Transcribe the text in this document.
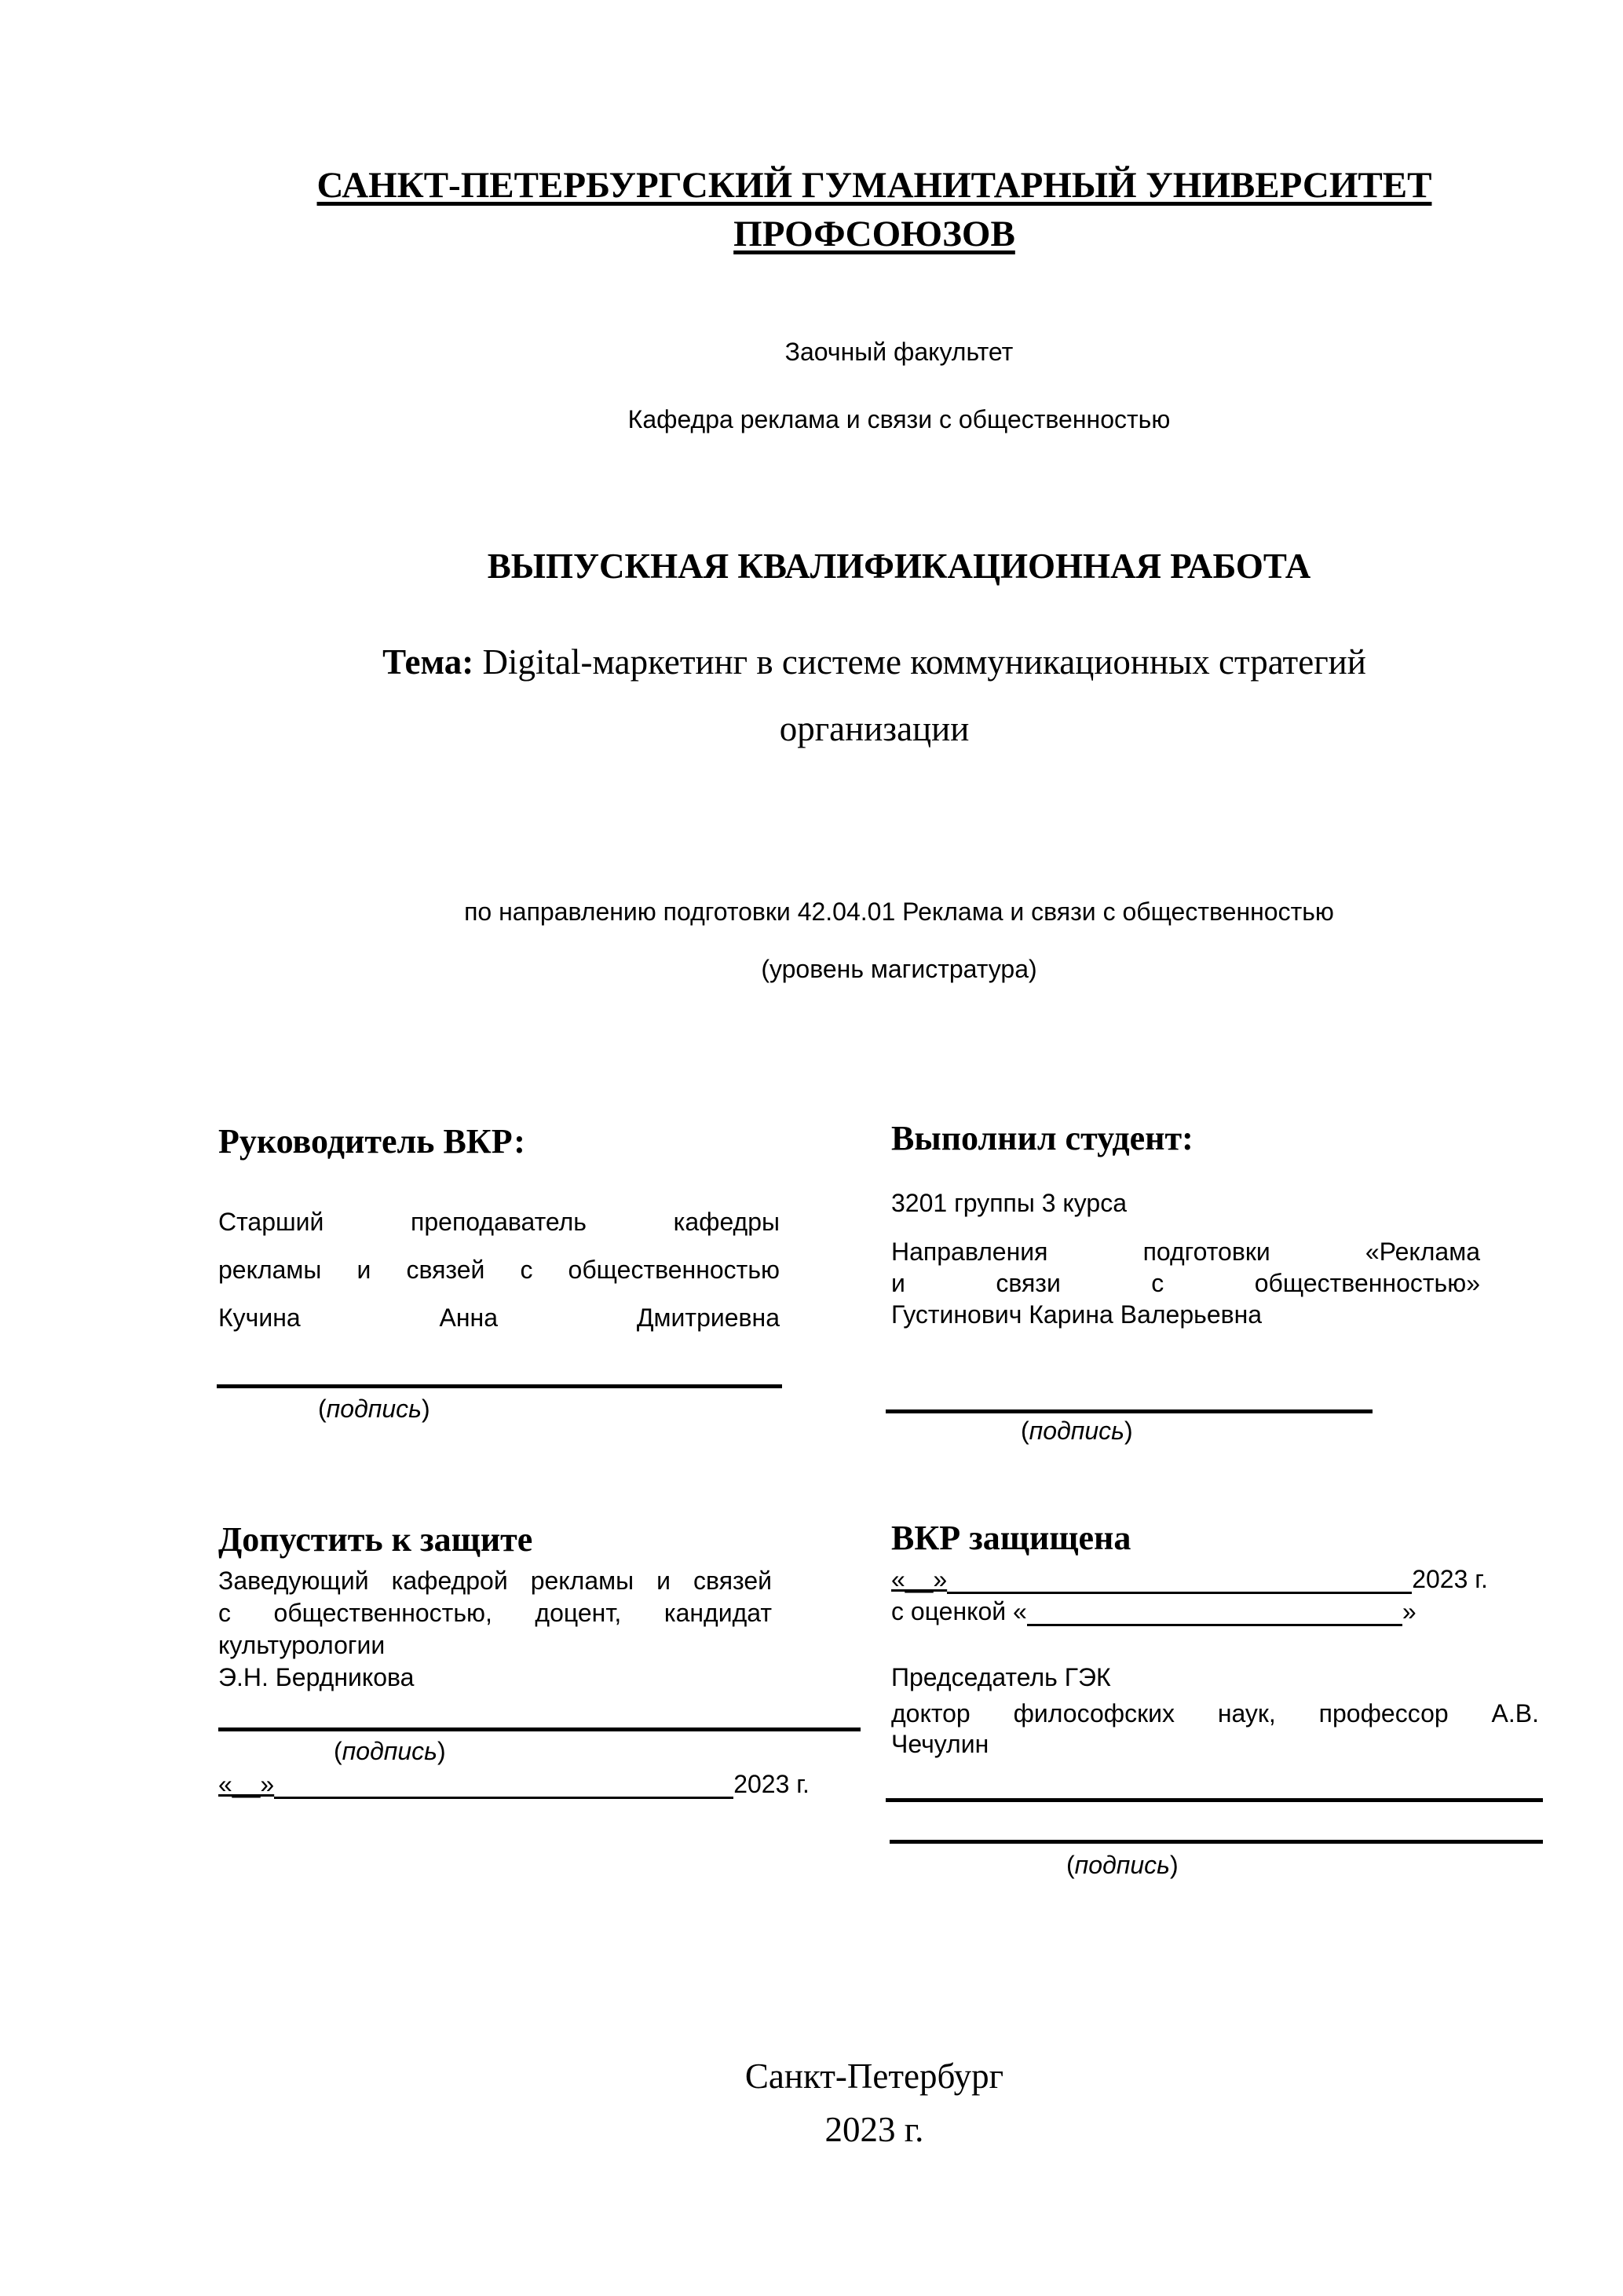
САНКТ-ПЕТЕРБУРГСКИЙ ГУМАНИТАРНЫЙ УНИВЕРСИТЕТ
ПРОФСОЮЗОВ
Заочный факультет
Кафедра реклама и связи с общественностью
ВЫПУСКНАЯ КВАЛИФИКАЦИОННАЯ РАБОТА
Тема: Digital-маркетинг в системе коммуникационных стратегий
организации
по направлению подготовки 42.04.01 Реклама и связи с общественностью
(уровень магистратура)
Руководитель ВКР:
Старший преподаватель кафедры
рекламы и связей с общественностью
Кучина Анна Дмитриевна
(подпись)
Выполнил студент:
3201 группы 3 курса
Направления подготовки «Реклама
и связи с общественностью»
Густинович Карина Валерьевна
(подпись)
Допустить к защите
Заведующий кафедрой рекламы и связей
с общественностью, доцент, кандидат
культурологии
Э.Н. Бердникова
(подпись)
«__»	2023 г.
ВКР защищена
«__»	2023 г.
с оценкой «	»
Председатель ГЭК
доктор философских наук, профессор А.В.
Чечулин
(подпись)
Санкт-Петербург
2023 г.
